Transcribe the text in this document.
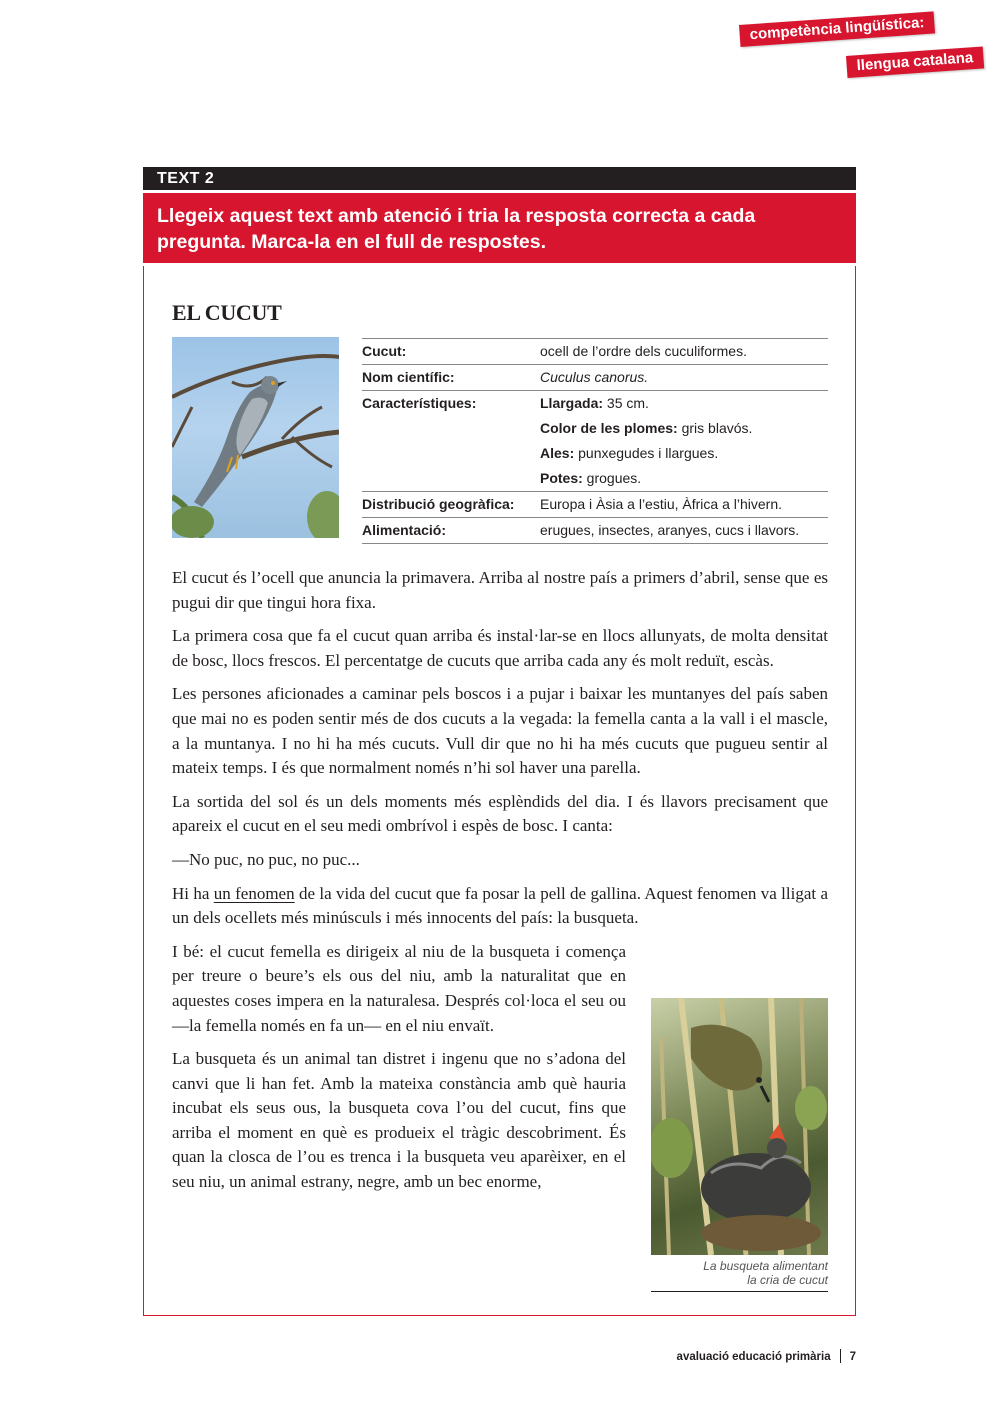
competència lingüística:
llengua catalana
TEXT 2
Llegeix aquest text amb atenció i tria la resposta correcta a cada pregunta. Marca-la en el full de respostes.
EL CUCUT
Cucut:	ocell de l’ordre dels cuculiformes.
Nom científic:	Cuculus canorus.
Característiques:	Llargada: 35 cm.
Color de les plomes: gris blavós.
Ales: punxegudes i llargues.
Potes: grogues.
Distribució geogràfica:	Europa i Àsia a l’estiu, Àfrica a l’hivern.
Alimentació:	erugues, insectes, aranyes, cucs i llavors.

El cucut és l’ocell que anuncia la primavera. Arriba al nostre país a primers d’abril, sense que es pugui dir que tingui hora fixa.

La primera cosa que fa el cucut quan arriba és instal·lar-se en llocs allunyats, de molta densitat de bosc, llocs frescos. El percentatge de cucuts que arriba cada any és molt reduït, escàs.

Les persones aficionades a caminar pels boscos i a pujar i baixar les muntanyes del país saben que mai no es poden sentir més de dos cucuts a la vegada: la femella canta a la vall i el mascle, a la muntanya. I no hi ha més cucuts. Vull dir que no hi ha més cucuts que pugueu sentir al mateix temps. I és que normalment només n’hi sol haver una parella.

La sortida del sol és un dels moments més esplèndids del dia. I és llavors precisament que apareix el cucut en el seu medi ombrívol i espès de bosc. I canta:

—No puc, no puc, no puc...

Hi ha un fenomen de la vida del cucut que fa posar la pell de gallina. Aquest fenomen va lligat a un dels ocellets més minúsculs i més innocents del país: la busqueta.

I bé: el cucut femella es dirigeix al niu de la busqueta i comença per treure o beure’s els ous del niu, amb la naturalitat que en aquestes coses impera en la naturalesa. Després col·loca el seu ou —la femella només en fa un— en el niu envaït.

La busqueta és un animal tan distret i ingenu que no s’adona del canvi que li han fet. Amb la mateixa constància amb què hauria incubat els seus ous, la busqueta cova l’ou del cucut, fins que arriba el moment en què es produeix el tràgic descobriment. És quan la closca de l’ou es trenca i la busqueta veu aparèixer, en el seu niu, un animal estrany, negre, amb un bec enorme,

La busqueta alimentant
la cria de cucut
avaluació educació primària 7
